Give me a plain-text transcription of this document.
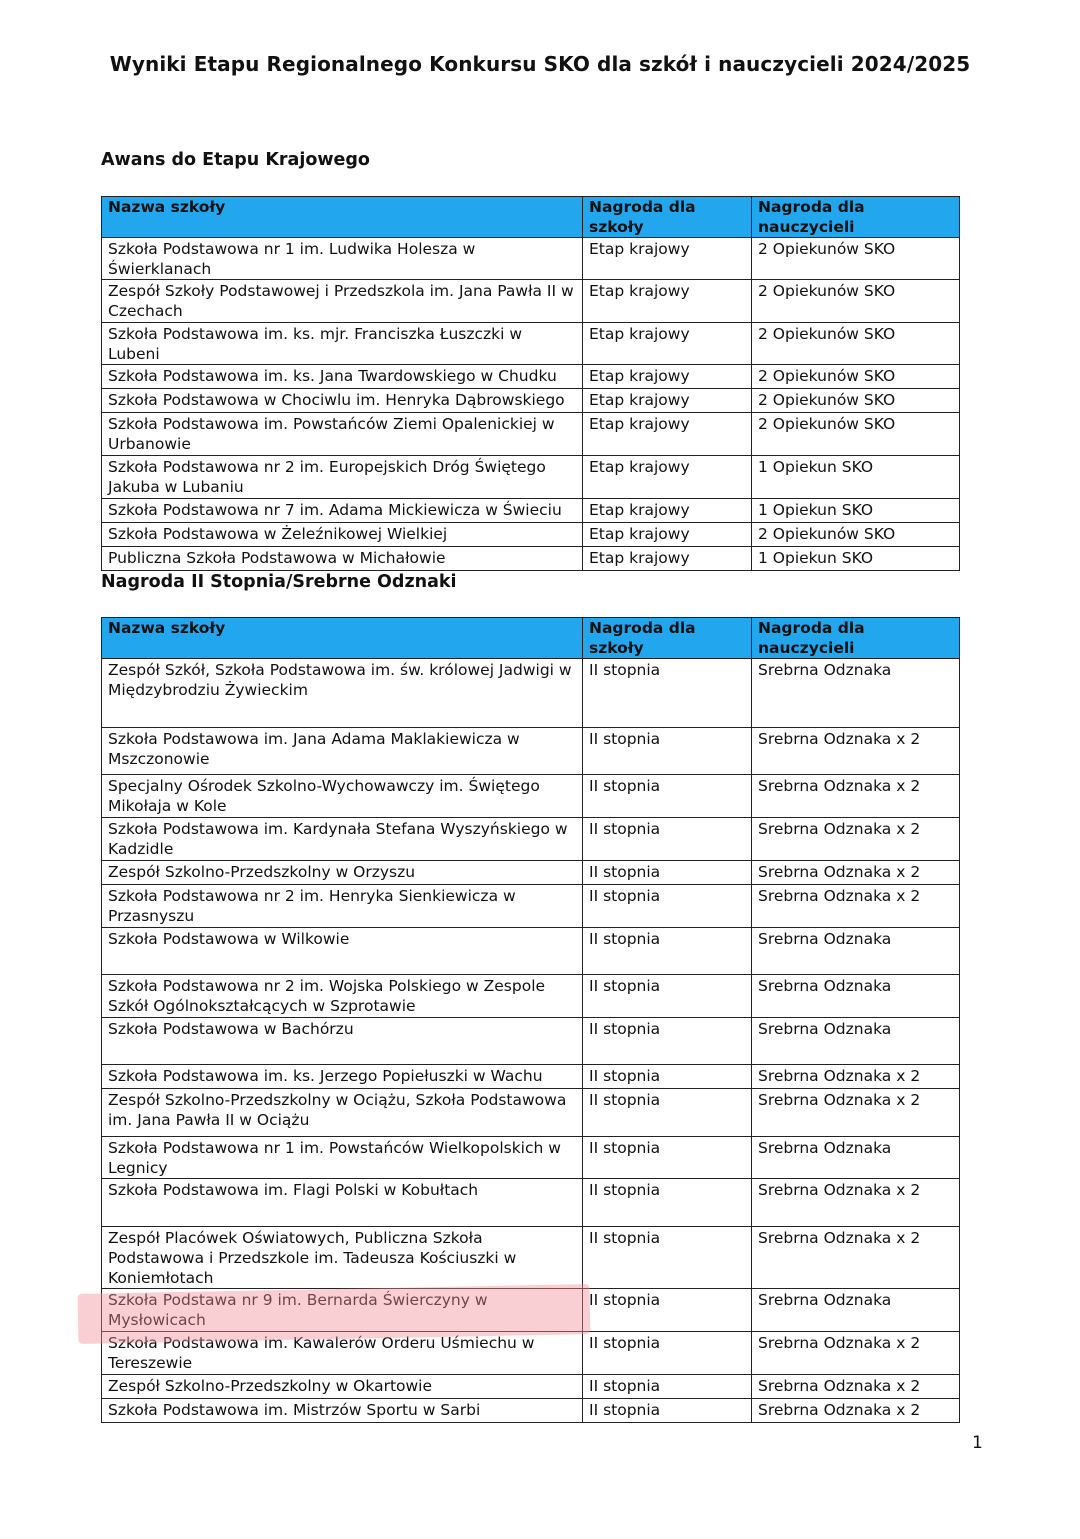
Wyniki Etapu Regionalnego Konkursu SKO dla szkół i nauczycieli 2024/2025
Awans do Etapu Krajowego
Nazwa szkoły	Nagroda dla szkoły	Nagroda dla nauczycieli
Szkoła Podstawowa nr 1 im. Ludwika Holesza w Świerklanach	Etap krajowy	2 Opiekunów SKO
Zespół Szkoły Podstawowej i Przedszkola im. Jana Pawła II w Czechach	Etap krajowy	2 Opiekunów SKO
Szkoła Podstawowa im. ks. mjr. Franciszka Łuszczki w Lubeni	Etap krajowy	2 Opiekunów SKO
Szkoła Podstawowa im. ks. Jana Twardowskiego w Chudku	Etap krajowy	2 Opiekunów SKO
Szkoła Podstawowa w Chociwlu im. Henryka Dąbrowskiego	Etap krajowy	2 Opiekunów SKO
Szkoła Podstawowa im. Powstańców Ziemi Opalenickiej w Urbanowie	Etap krajowy	2 Opiekunów SKO
Szkoła Podstawowa nr 2 im. Europejskich Dróg Świętego Jakuba w Lubaniu	Etap krajowy	1 Opiekun SKO
Szkoła Podstawowa nr 7 im. Adama Mickiewicza w Świeciu	Etap krajowy	1 Opiekun SKO
Szkoła Podstawowa w Żeleźnikowej Wielkiej	Etap krajowy	2 Opiekunów SKO
Publiczna Szkoła Podstawowa w Michałowie	Etap krajowy	1 Opiekun SKO
Nagroda II Stopnia/Srebrne Odznaki
Nazwa szkoły	Nagroda dla szkoły	Nagroda dla nauczycieli
Zespół Szkół, Szkoła Podstawowa im. św. królowej Jadwigi w Międzybrodziu Żywieckim	II stopnia	Srebrna Odznaka
Szkoła Podstawowa im. Jana Adama Maklakiewicza w Mszczonowie	II stopnia	Srebrna Odznaka x 2
Specjalny Ośrodek Szkolno-Wychowawczy im. Świętego Mikołaja w Kole	II stopnia	Srebrna Odznaka x 2
Szkoła Podstawowa im. Kardynała Stefana Wyszyńskiego w Kadzidle	II stopnia	Srebrna Odznaka x 2
Zespół Szkolno-Przedszkolny w Orzyszu	II stopnia	Srebrna Odznaka x 2
Szkoła Podstawowa nr 2 im. Henryka Sienkiewicza w Przasnyszu	II stopnia	Srebrna Odznaka x 2
Szkoła Podstawowa w Wilkowie	II stopnia	Srebrna Odznaka
Szkoła Podstawowa nr 2 im. Wojska Polskiego w Zespole Szkół Ogólnokształcących w Szprotawie	II stopnia	Srebrna Odznaka
Szkoła Podstawowa w Bachórzu	II stopnia	Srebrna Odznaka
Szkoła Podstawowa im. ks. Jerzego Popiełuszki w Wachu	II stopnia	Srebrna Odznaka x 2
Zespół Szkolno-Przedszkolny w Ociążu, Szkoła Podstawowa im. Jana Pawła II w Ociążu	II stopnia	Srebrna Odznaka x 2
Szkoła Podstawowa nr 1 im. Powstańców Wielkopolskich w Legnicy	II stopnia	Srebrna Odznaka
Szkoła Podstawowa im. Flagi Polski w Kobułtach	II stopnia	Srebrna Odznaka x 2
Zespół Placówek Oświatowych, Publiczna Szkoła Podstawowa i Przedszkole im. Tadeusza Kościuszki w Koniemłotach	II stopnia	Srebrna Odznaka x 2
Szkoła Podstawa nr 9 im. Bernarda Świerczyny w Mysłowicach	II stopnia	Srebrna Odznaka
Szkoła Podstawowa im. Kawalerów Orderu Uśmiechu w Tereszewie	II stopnia	Srebrna Odznaka x 2
Zespół Szkolno-Przedszkolny w Okartowie	II stopnia	Srebrna Odznaka x 2
Szkoła Podstawowa im. Mistrzów Sportu w Sarbi	II stopnia	Srebrna Odznaka x 2
1
